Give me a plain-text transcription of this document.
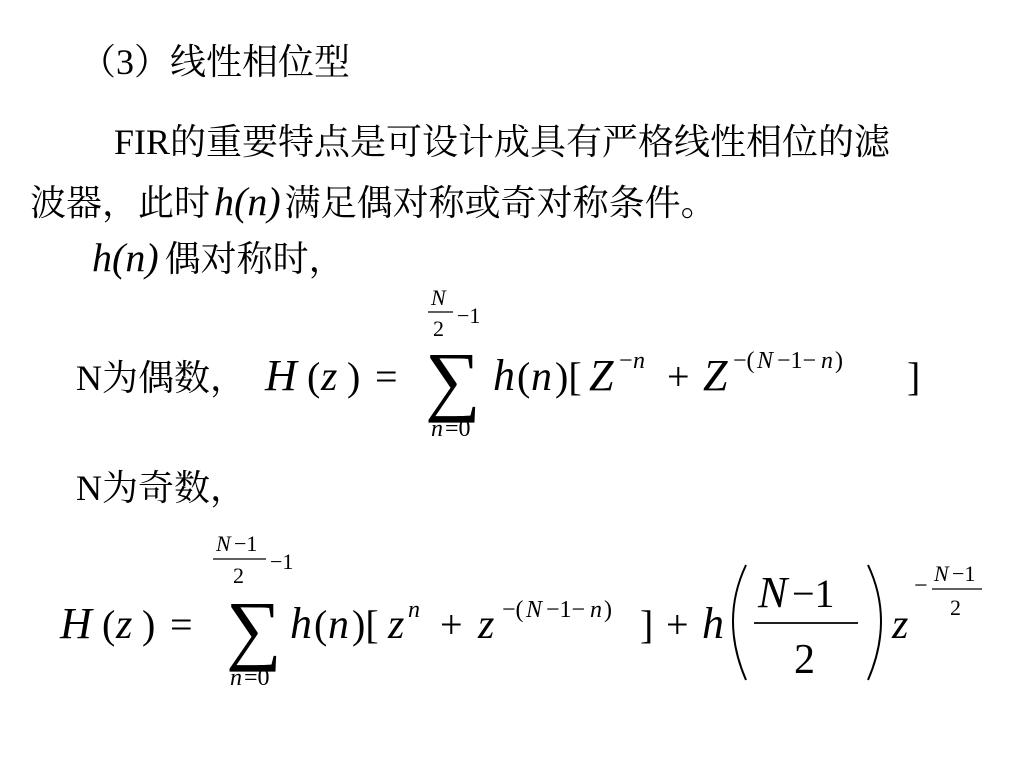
（3）线性相位型
FIR的重要特点是可设计成具有严格线性相位的滤
波器，此时 h(n) 满足偶对称或奇对称条件。
h(n) 偶对称时，
N为偶数， H ( z ) =
N
2
−1
∑
n =0
h ( n )[ Z − n + Z −( N −1− n ) ]
N为奇数，
H ( z ) =
N −1
2
−1
∑
n =0
h ( n )[ z n + z −( N −1− n ) ] + h
N −1
2
z
− N −1
2
